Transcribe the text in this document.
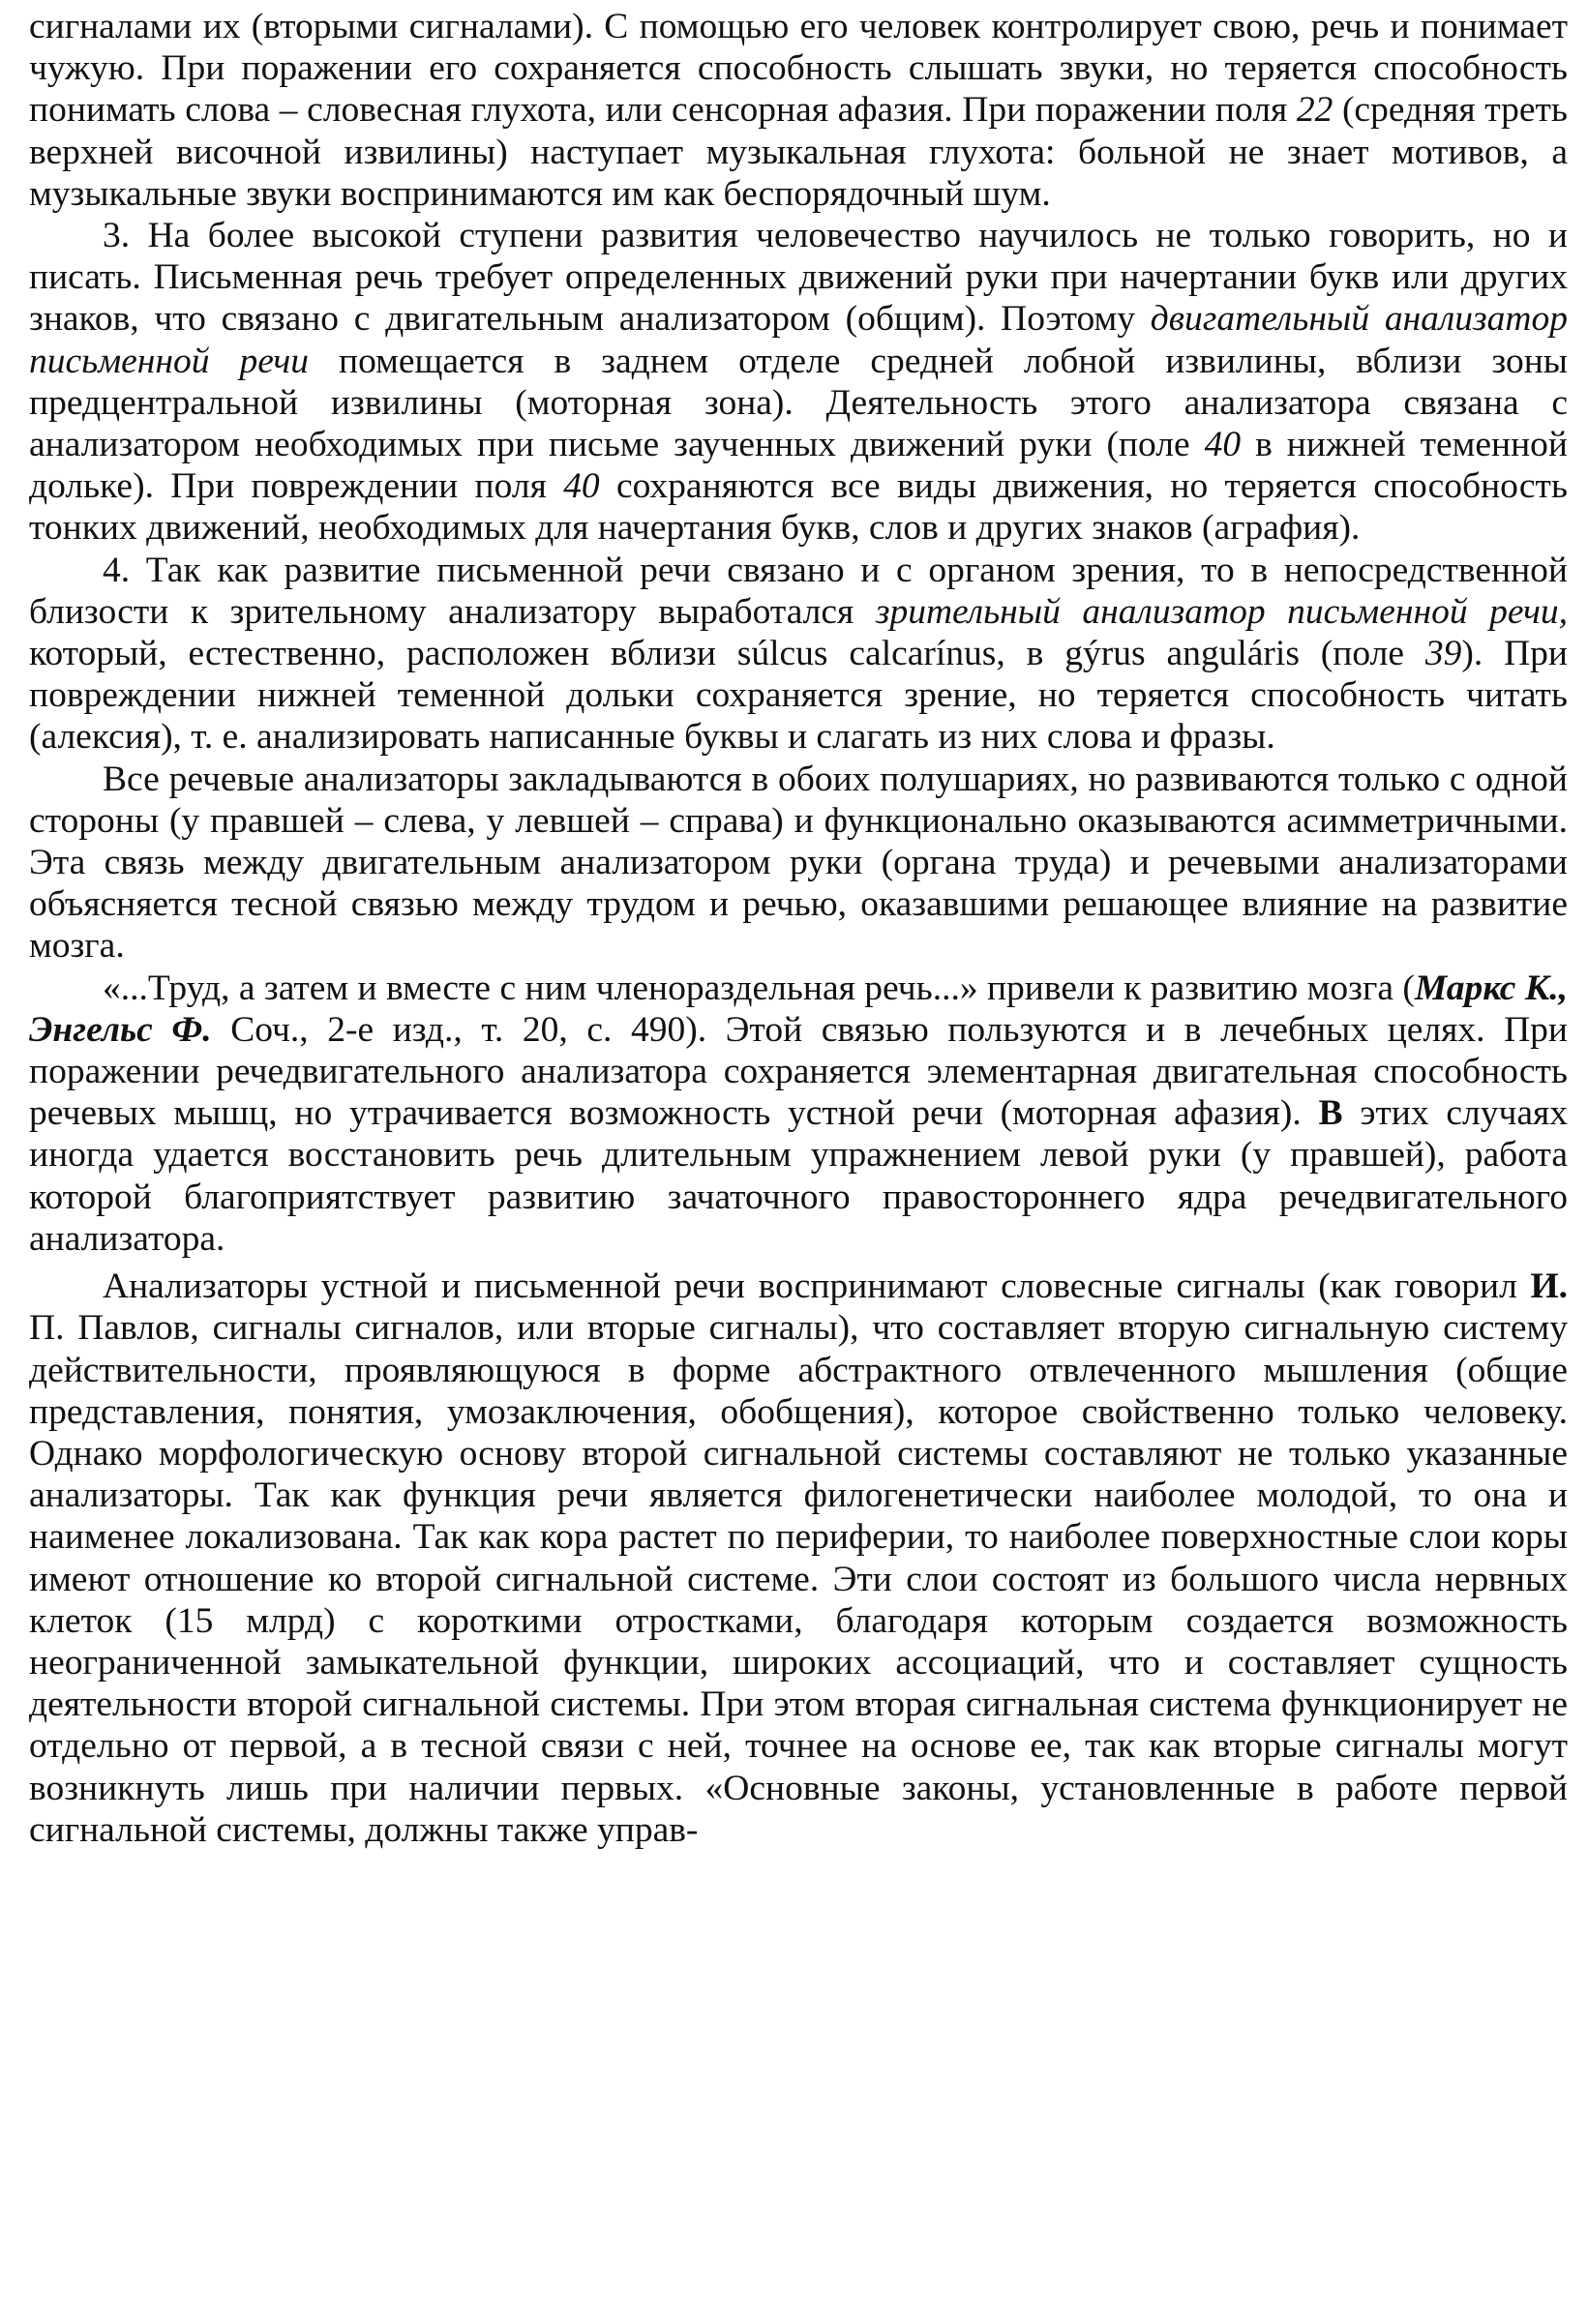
сигналами их (вторыми сигналами). С помощью его человек контролирует свою, речь и понимает чужую. При поражении его сохраняется способность слышать звуки, но теряется способность понимать слова – словесная глухота, или сенсорная афазия. При поражении поля 22 (средняя треть верхней височной извилины) наступает музыкальная глухота: больной не знает мотивов, а музыкальные звуки воспринимаются им как беспорядочный шум.

3. На более высокой ступени развития человечество научилось не только говорить, но и писать. Письменная речь требует определенных движений руки при начертании букв или других знаков, что связано с двигательным анализатором (общим). Поэтому двигательный анализатор письменной речи помещается в заднем отделе средней лобной извилины, вблизи зоны предцентральной извилины (моторная зона). Деятельность этого анализатора связана с анализатором необходимых при письме заученных движений руки (поле 40 в нижней теменной дольке). При повреждении поля 40 сохраняются все виды движения, но теряется способность тонких движений, необходимых для начертания букв, слов и других знаков (аграфия).

4. Так как развитие письменной речи связано и с органом зрения, то в непосредственной близости к зрительному анализатору выработался зрительный анализатор письменной речи, который, естественно, расположен вблизи súlcus calcarínus, в gýrus anguláris (поле 39). При повреждении нижней теменной дольки сохраняется зрение, но теряется способность читать (алексия), т. е. анализировать написанные буквы и слагать из них слова и фразы.

Все речевые анализаторы закладываются в обоих полушариях, но развиваются только с одной стороны (у правшей – слева, у левшей – справа) и функционально оказываются асимметричными. Эта связь между двигательным анализатором руки (органа труда) и речевыми анализаторами объясняется тесной связью между трудом и речью, оказавшими решающее влияние на развитие мозга.

«...Труд, а затем и вместе с ним членораздельная речь...» привели к развитию мозга (Маркс К., Энгельс Ф. Соч., 2-е изд., т. 20, с. 490). Этой связью пользуются и в лечебных целях. При поражении речедвигательного анализатора сохраняется элементарная двигательная способность речевых мышц, но утрачивается возможность устной речи (моторная афазия). В этих случаях иногда удается восстановить речь длительным упражнением левой руки (у правшей), работа которой благоприятствует развитию зачаточного правостороннего ядра речедвигательного анализатора.

Анализаторы устной и письменной речи воспринимают словесные сигналы (как говорил И. П. Павлов, сигналы сигналов, или вторые сигналы), что составляет вторую сигнальную систему действительности, проявляющуюся в форме абстрактного отвлеченного мышления (общие представления, понятия, умозаключения, обобщения), которое свойственно только человеку. Однако морфологическую основу второй сигнальной системы составляют не только указанные анализаторы. Так как функция речи является филогенетически наиболее молодой, то она и наименее локализована. Так как кора растет по периферии, то наиболее поверхностные слои коры имеют отношение ко второй сигнальной системе. Эти слои состоят из большого числа нервных клеток (15 млрд) с короткими отростками, благодаря которым создается возможность неограниченной замыкательной функции, широких ассоциаций, что и составляет сущность деятельности второй сигнальной системы. При этом вторая сигнальная система функционирует не отдельно от первой, а в тесной связи с ней, точнее на основе ее, так как вторые сигналы могут возникнуть лишь при наличии первых. «Основные законы, установленные в работе первой сигнальной системы, должны также управ-
